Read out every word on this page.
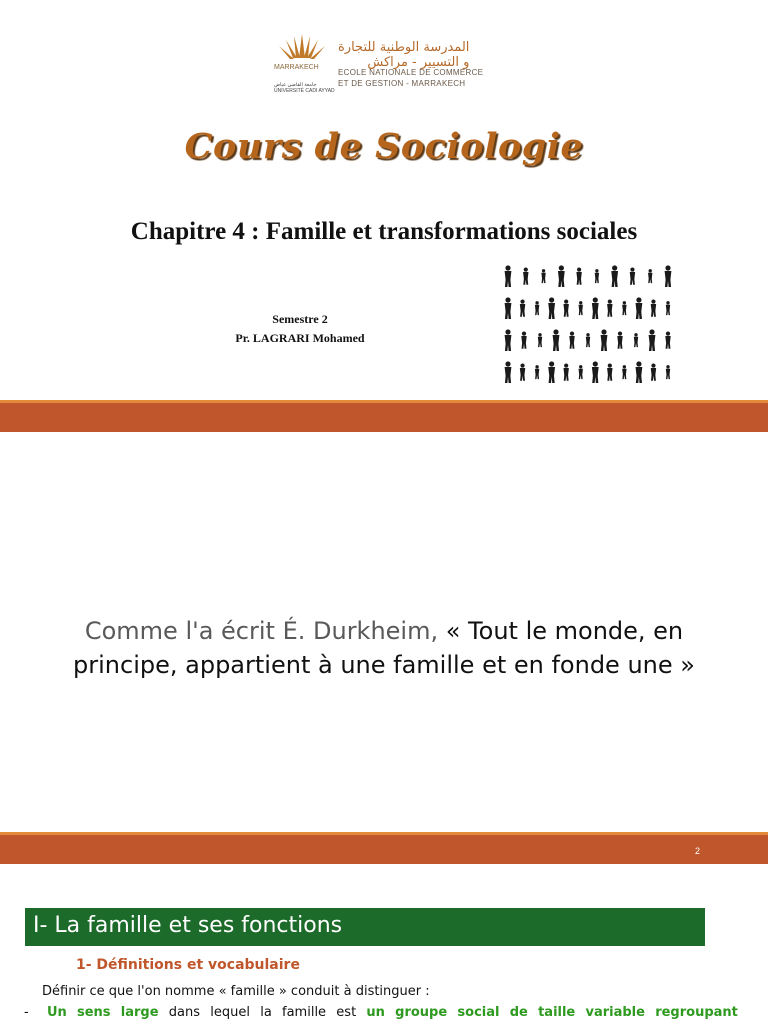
MARRAKECH
جامعة القاضي عياض
UNIVERSITÉ CADI AYYAD
المدرسة الوطنية للتجارة
و التسيير - مراكش
ECOLE NATIONALE DE COMMERCE
ET DE GESTION - MARRAKECH
Cours de Sociologie
Chapitre 4 : Famille et transformations sociales
Semestre 2
Pr. LAGRARI Mohamed
Comme l'a écrit É. Durkheim, « Tout le monde, en principe, appartient à une famille et en fonde une »
2
I- La famille et ses fonctions
1- Définitions et vocabulaire
Définir ce que l'on nomme « famille » conduit à distinguer :
- Un sens large dans lequel la famille est un groupe social de taille variable regroupant
